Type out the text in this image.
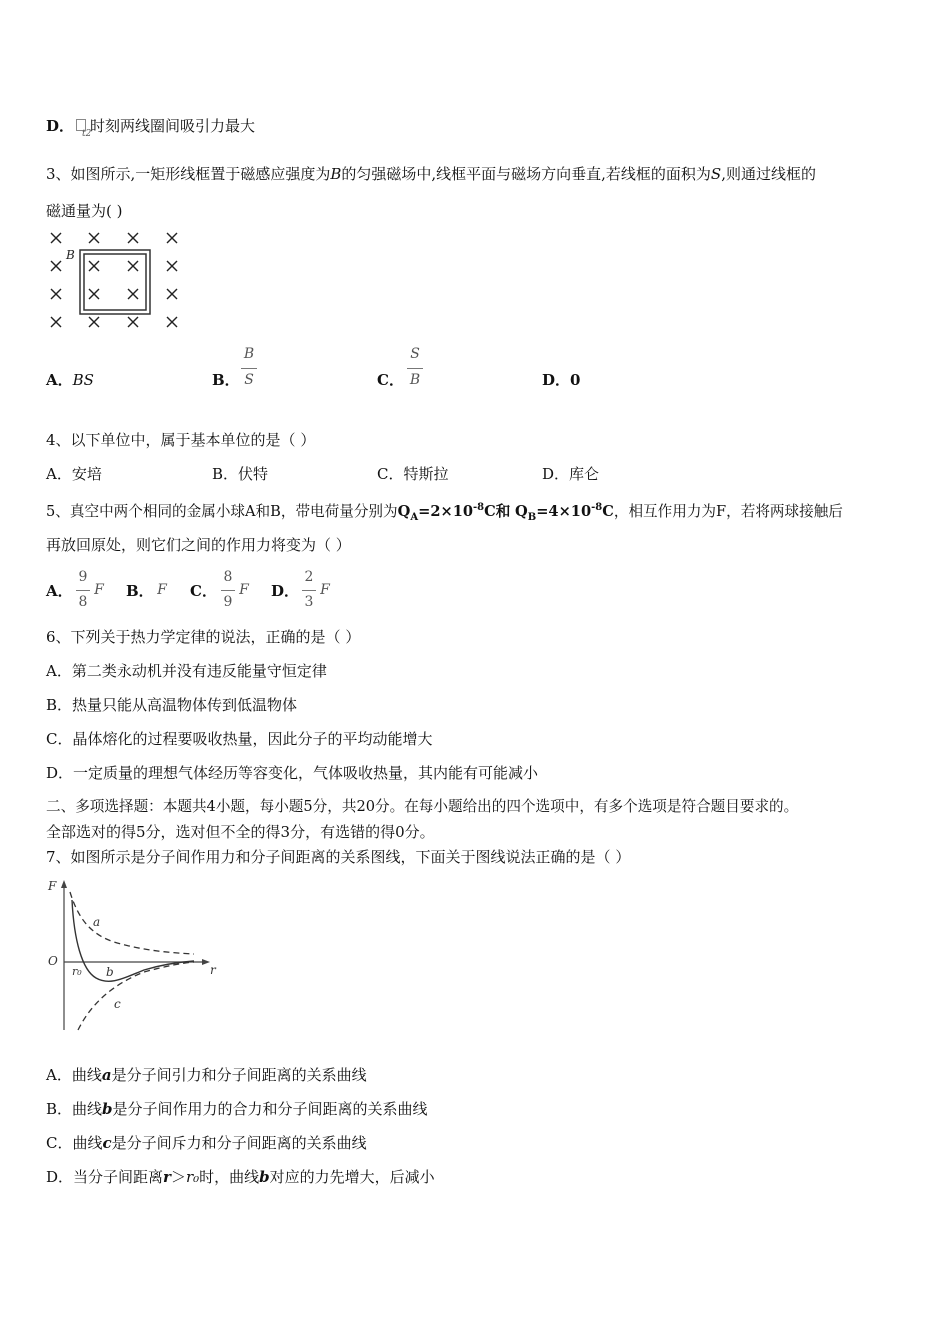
D． t2
时刻两线圈间吸引力最大
3、如图所示,一矩形线框置于磁感应强度为B的匀强磁场中,线框平面与磁场方向垂直,若线框的面积为S,则通过线框的
磁通量为( )
B
A．BS	B．
B
S	C．
S
B	D．0
4、以下单位中，属于基本单位的是（ ）
A．安培	B．伏特	C．特斯拉	D．库仑
5、真空中两个相同的金属小球A和B，带电荷量分别为$Q_A=2\times 10^{-8}C$和 $Q_B=4\times 10^{-8}C$，相互作用力为F，若将两球接触后
再放回原处，则它们之间的作用力将变为（ ）
A．
9
8
F B． F C．
8
9
F D．
2
3
F
6、下列关于热力学定律的说法，正确的是（ ）
A．第二类永动机并没有违反能量守恒定律
B．热量只能从高温物体传到低温物体
C．晶体熔化的过程要吸收热量，因此分子的平均动能增大
D．一定质量的理想气体经历等容变化，气体吸收热量，其内能有可能减小
二、多项选择题：本题共4小题，每小题5分，共20分。在每小题给出的四个选项中，有多个选项是符合题目要求的。
全部选对的得5分，选对但不全的得3分，有选错的得0分。
7、如图所示是分子间作用力和分子间距离的关系图线，下面关于图线说法正确的是（ ）
F
O
r₀	r
a
b
c
A．曲线a是分子间引力和分子间距离的关系曲线
B．曲线b是分子间作用力的合力和分子间距离的关系曲线
C．曲线c是分子间斥力和分子间距离的关系曲线
D．当分子间距离r＞r₀时，曲线b对应的力先增大，后减小
